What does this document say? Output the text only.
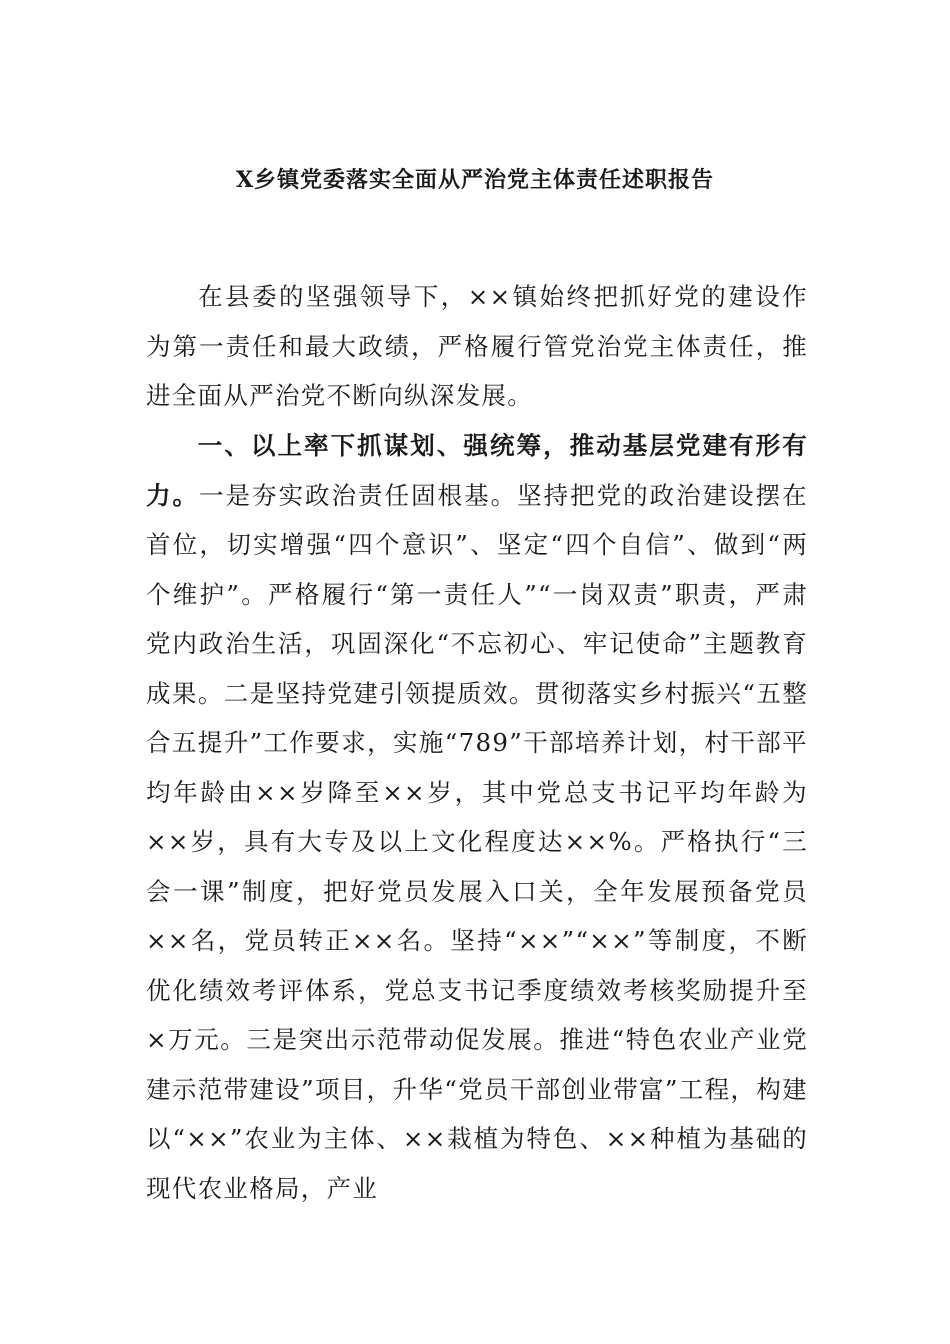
X乡镇党委落实全面从严治党主体责任述职报告

在县委的坚强领导下，××镇始终把抓好党的建设作为第一责任和最大政绩，严格履行管党治党主体责任，推进全面从严治党不断向纵深发展。

一、以上率下抓谋划、强统筹，推动基层党建有形有力。一是夯实政治责任固根基。坚持把党的政治建设摆在首位，切实增强“四个意识”、坚定“四个自信”、做到“两个维护”。严格履行“第一责任人”“一岗双责”职责，严肃党内政治生活，巩固深化“不忘初心、牢记使命”主题教育成果。二是坚持党建引领提质效。贯彻落实乡村振兴“五整合五提升”工作要求，实施“789”干部培养计划，村干部平均年龄由××岁降至××岁，其中党总支书记平均年龄为××岁，具有大专及以上文化程度达××%。严格执行“三会一课”制度，把好党员发展入口关，全年发展预备党员××名，党员转正××名。坚持“××”“××”等制度，不断优化绩效考评体系，党总支书记季度绩效考核奖励提升至×万元。三是突出示范带动促发展。推进“特色农业产业党建示范带建设”项目，升华“党员干部创业带富”工程，构建以“××”农业为主体、××栽植为特色、××种植为基础的现代农业格局，产业
